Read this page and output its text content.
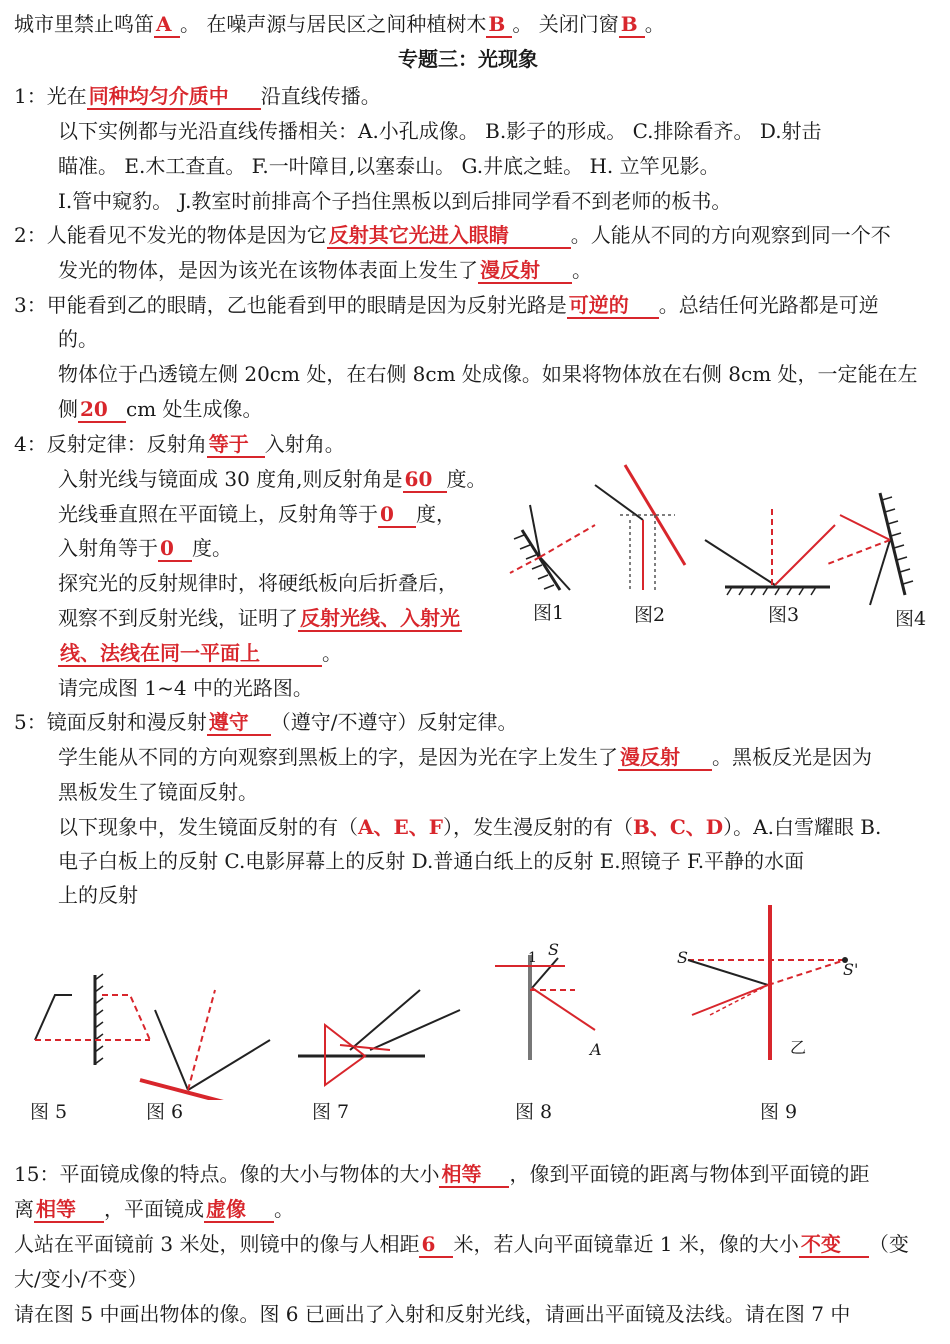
城市里禁止鸣笛 A 。 在噪声源与居民区之间种植树木 B 。 关闭门窗 B 。
专题三：光现象
1：光在 同种均匀介质中 沿直线传播。
以下实例都与光沿直线传播相关：A.小孔成像。 B.影子的形成。 C.排除看齐。 D.射击
瞄准。 E.木工查直。 F.一叶障目,以塞泰山。 G.井底之蛙。 H. 立竿见影。
I.管中窥豹。 J.教室时前排高个子挡住黑板以到后排同学看不到老师的板书。
2：人能看见不发光的物体是因为它 反射其它光进入眼睛	。人能从不同的方向观察到同一个不
发光的物体，是因为该光在该物体表面上发生了 漫反射 。
3：甲能看到乙的眼睛，乙也能看到甲的眼睛是因为反射光路是 可逆的 。总结任何光路都是可逆
的。
物体位于凸透镜左侧 20cm 处，在右侧 8cm 处成像。如果将物体放在右侧 8cm 处，一定能在左
侧 20 cm 处生成像。
4：反射定律：反射角 等于 入射角。
入射光线与镜面成 30 度角,则反射角是 60 度。
光线垂直照在平面镜上，反射角等于 0 度，
入射角等于 0 度。
探究光的反射规律时，将硬纸板向后折叠后，
观察不到反射光线，证明了 反射光线、入射光
线、法线在同一平面上	。
请完成图 1~4 中的光路图。
图1	图2	图3	图4
5：镜面反射和漫反射 遵守 （遵守/不遵守）反射定律。
学生能从不同的方向观察到黑板上的字，是因为光在字上发生了 漫反射 。黑板反光是因为
黑板发生了镜面反射。
以下现象中，发生镜面反射的有（A、E、F），发生漫反射的有（B、C、D）。A.白雪耀眼 B.
电子白板上的反射 C.电影屏幕上的反射 D.普通白纸上的反射 E.照镜子 F.平静的水面
上的反射
S
A
1	S
S'
乙
图 5	图 6	图 7	图 8	图 9
15：平面镜成像的特点。像的大小与物体的大小 相等 ，像到平面镜的距离与物体到平面镜的距
离 相等 ，平面镜成 虚像 。
人站在平面镜前 3 米处，则镜中的像与人相距 6 米，若人向平面镜靠近 1 米，像的大小 不变 （变
大/变小/不变）
请在图 5 中画出物体的像。图 6 已画出了入射和反射光线，请画出平面镜及法线。请在图 7 中
